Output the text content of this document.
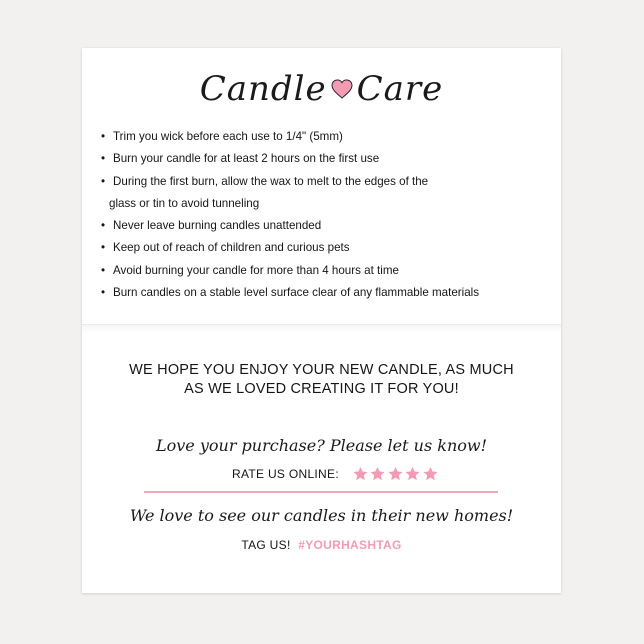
Candle Care
• Trim you wick before each use to 1/4" (5mm)
• Burn your candle for at least 2 hours on the first use
• During the first burn, allow the wax to melt to the edges of the
glass or tin to avoid tunneling
• Never leave burning candles unattended
• Keep out of reach of children and curious pets
• Avoid burning your candle for more than 4 hours at time
• Burn candles on a stable level surface clear of any flammable materials
WE HOPE YOU ENJOY YOUR NEW CANDLE, AS MUCH
AS WE LOVED CREATING IT FOR YOU!
Love your purchase? Please let us know!
RATE US ONLINE:
We love to see our candles in their new homes!
TAG US! #YOURHASHTAG
